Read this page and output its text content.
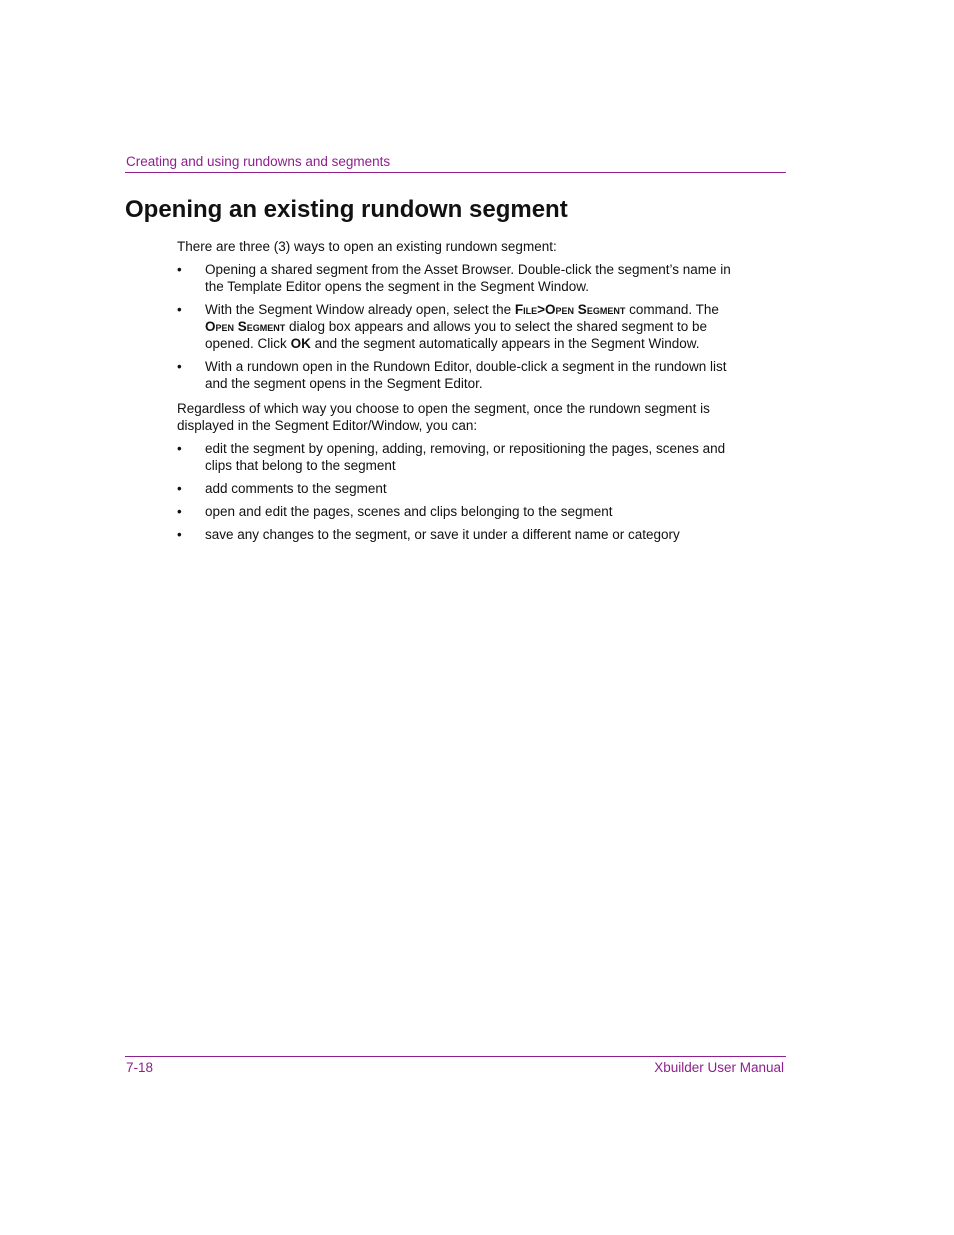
Creating and using rundowns and segments
Opening an existing rundown segment

There are three (3) ways to open an existing rundown segment:

• Opening a shared segment from the Asset Browser. Double-click the segment’s name in the Template Editor opens the segment in the Segment Window.
• With the Segment Window already open, select the File>Open Segment command. The Open Segment dialog box appears and allows you to select the shared segment to be opened. Click OK and the segment automatically appears in the Segment Window.
• With a rundown open in the Rundown Editor, double-click a segment in the rundown list and the segment opens in the Segment Editor.

Regardless of which way you choose to open the segment, once the rundown segment is displayed in the Segment Editor/Window, you can:

• edit the segment by opening, adding, removing, or repositioning the pages, scenes and clips that belong to the segment
• add comments to the segment
• open and edit the pages, scenes and clips belonging to the segment
• save any changes to the segment, or save it under a different name or category
7-18	Xbuilder User Manual
